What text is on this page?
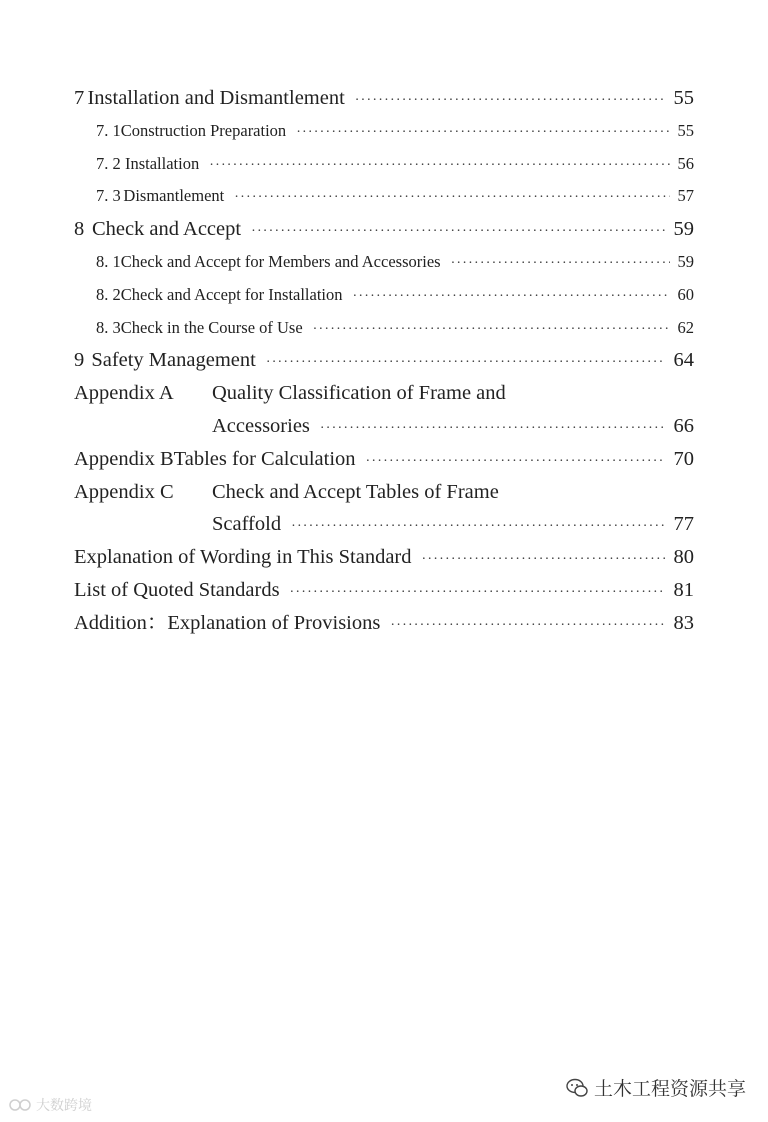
7 Installation and Dismantlement ·····	55
7. 1 Construction Preparation ·····	55
7. 2 Installation ·····	56
7. 3 Dismantlement ·····	57
8 Check and Accept ·····	59
8. 1 Check and Accept for Members and Accessories ·····	59
8. 2 Check and Accept for Installation ·····	60
8. 3 Check in the Course of Use ·····	62
9 Safety Management ·····	64
Appendix A	Quality Classification of Frame and
Accessories ·····	66
Appendix B Tables for Calculation ·····	70
Appendix C	Check and Accept Tables of Frame
Scaffold ·····	77
Explanation of Wording in This Standard ·····	80
List of Quoted Standards ·····	81
Addition：Explanation of Provisions ·····	83
大数跨境
土木工程资源共享
